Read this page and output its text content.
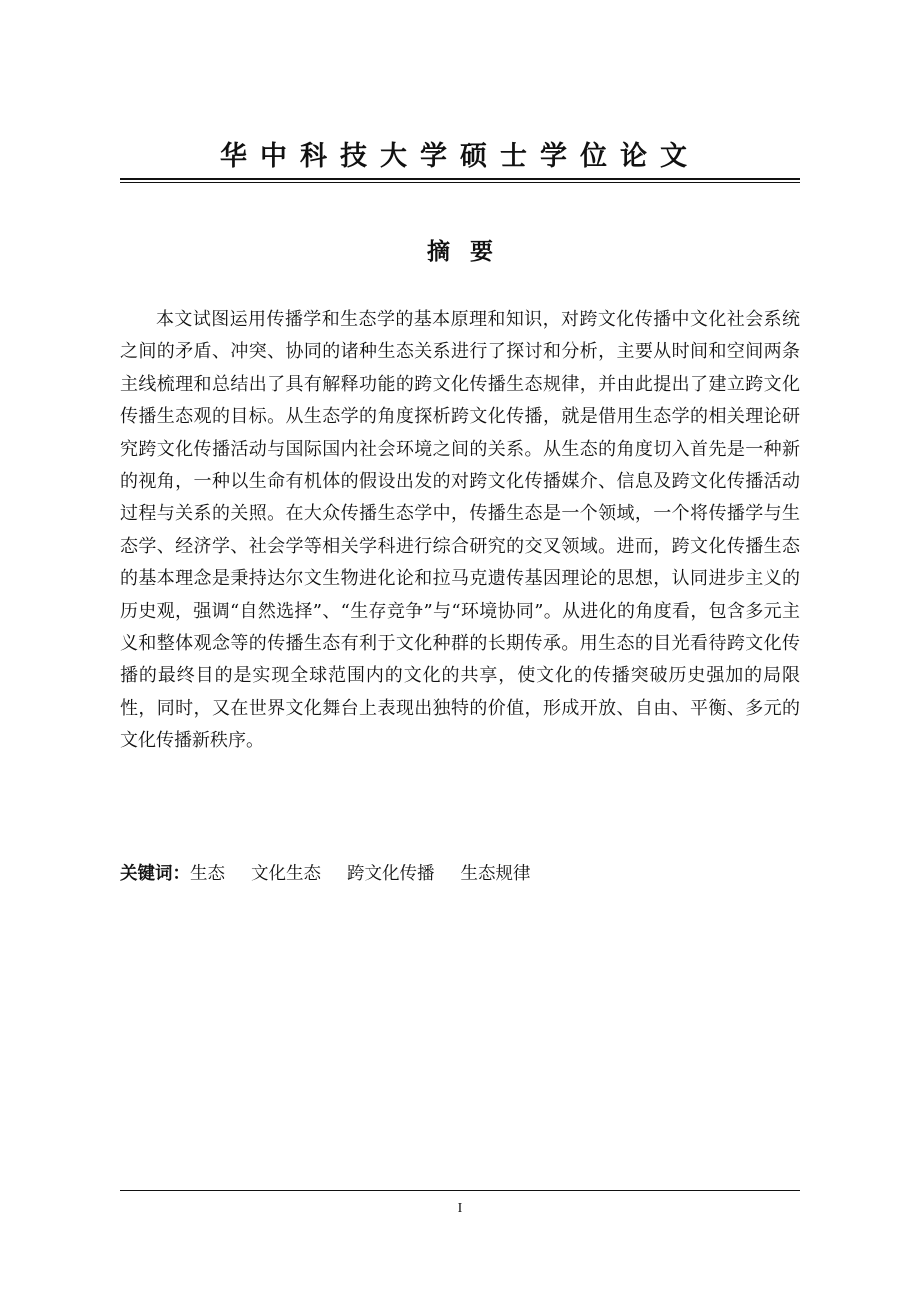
华中科技大学硕士学位论文
摘要

本文试图运用传播学和生态学的基本原理和知识，对跨文化传播中文化社会系统之间的矛盾、冲突、协同的诸种生态关系进行了探讨和分析，主要从时间和空间两条主线梳理和总结出了具有解释功能的跨文化传播生态规律，并由此提出了建立跨文化传播生态观的目标。从生态学的角度探析跨文化传播，就是借用生态学的相关理论研究跨文化传播活动与国际国内社会环境之间的关系。从生态的角度切入首先是一种新的视角，一种以生命有机体的假设出发的对跨文化传播媒介、信息及跨文化传播活动过程与关系的关照。在大众传播生态学中，传播生态是一个领域，一个将传播学与生态学、经济学、社会学等相关学科进行综合研究的交叉领域。进而，跨文化传播生态的基本理念是秉持达尔文生物进化论和拉马克遗传基因理论的思想，认同进步主义的历史观，强调“自然选择”、“生存竞争”与“环境协同”。从进化的角度看，包含多元主义和整体观念等的传播生态有利于文化种群的长期传承。用生态的目光看待跨文化传播的最终目的是实现全球范围内的文化的共享，使文化的传播突破历史强加的局限性，同时，又在世界文化舞台上表现出独特的价值，形成开放、自由、平衡、多元的文化传播新秩序。

关键词：生态 文化生态 跨文化传播 生态规律
I
